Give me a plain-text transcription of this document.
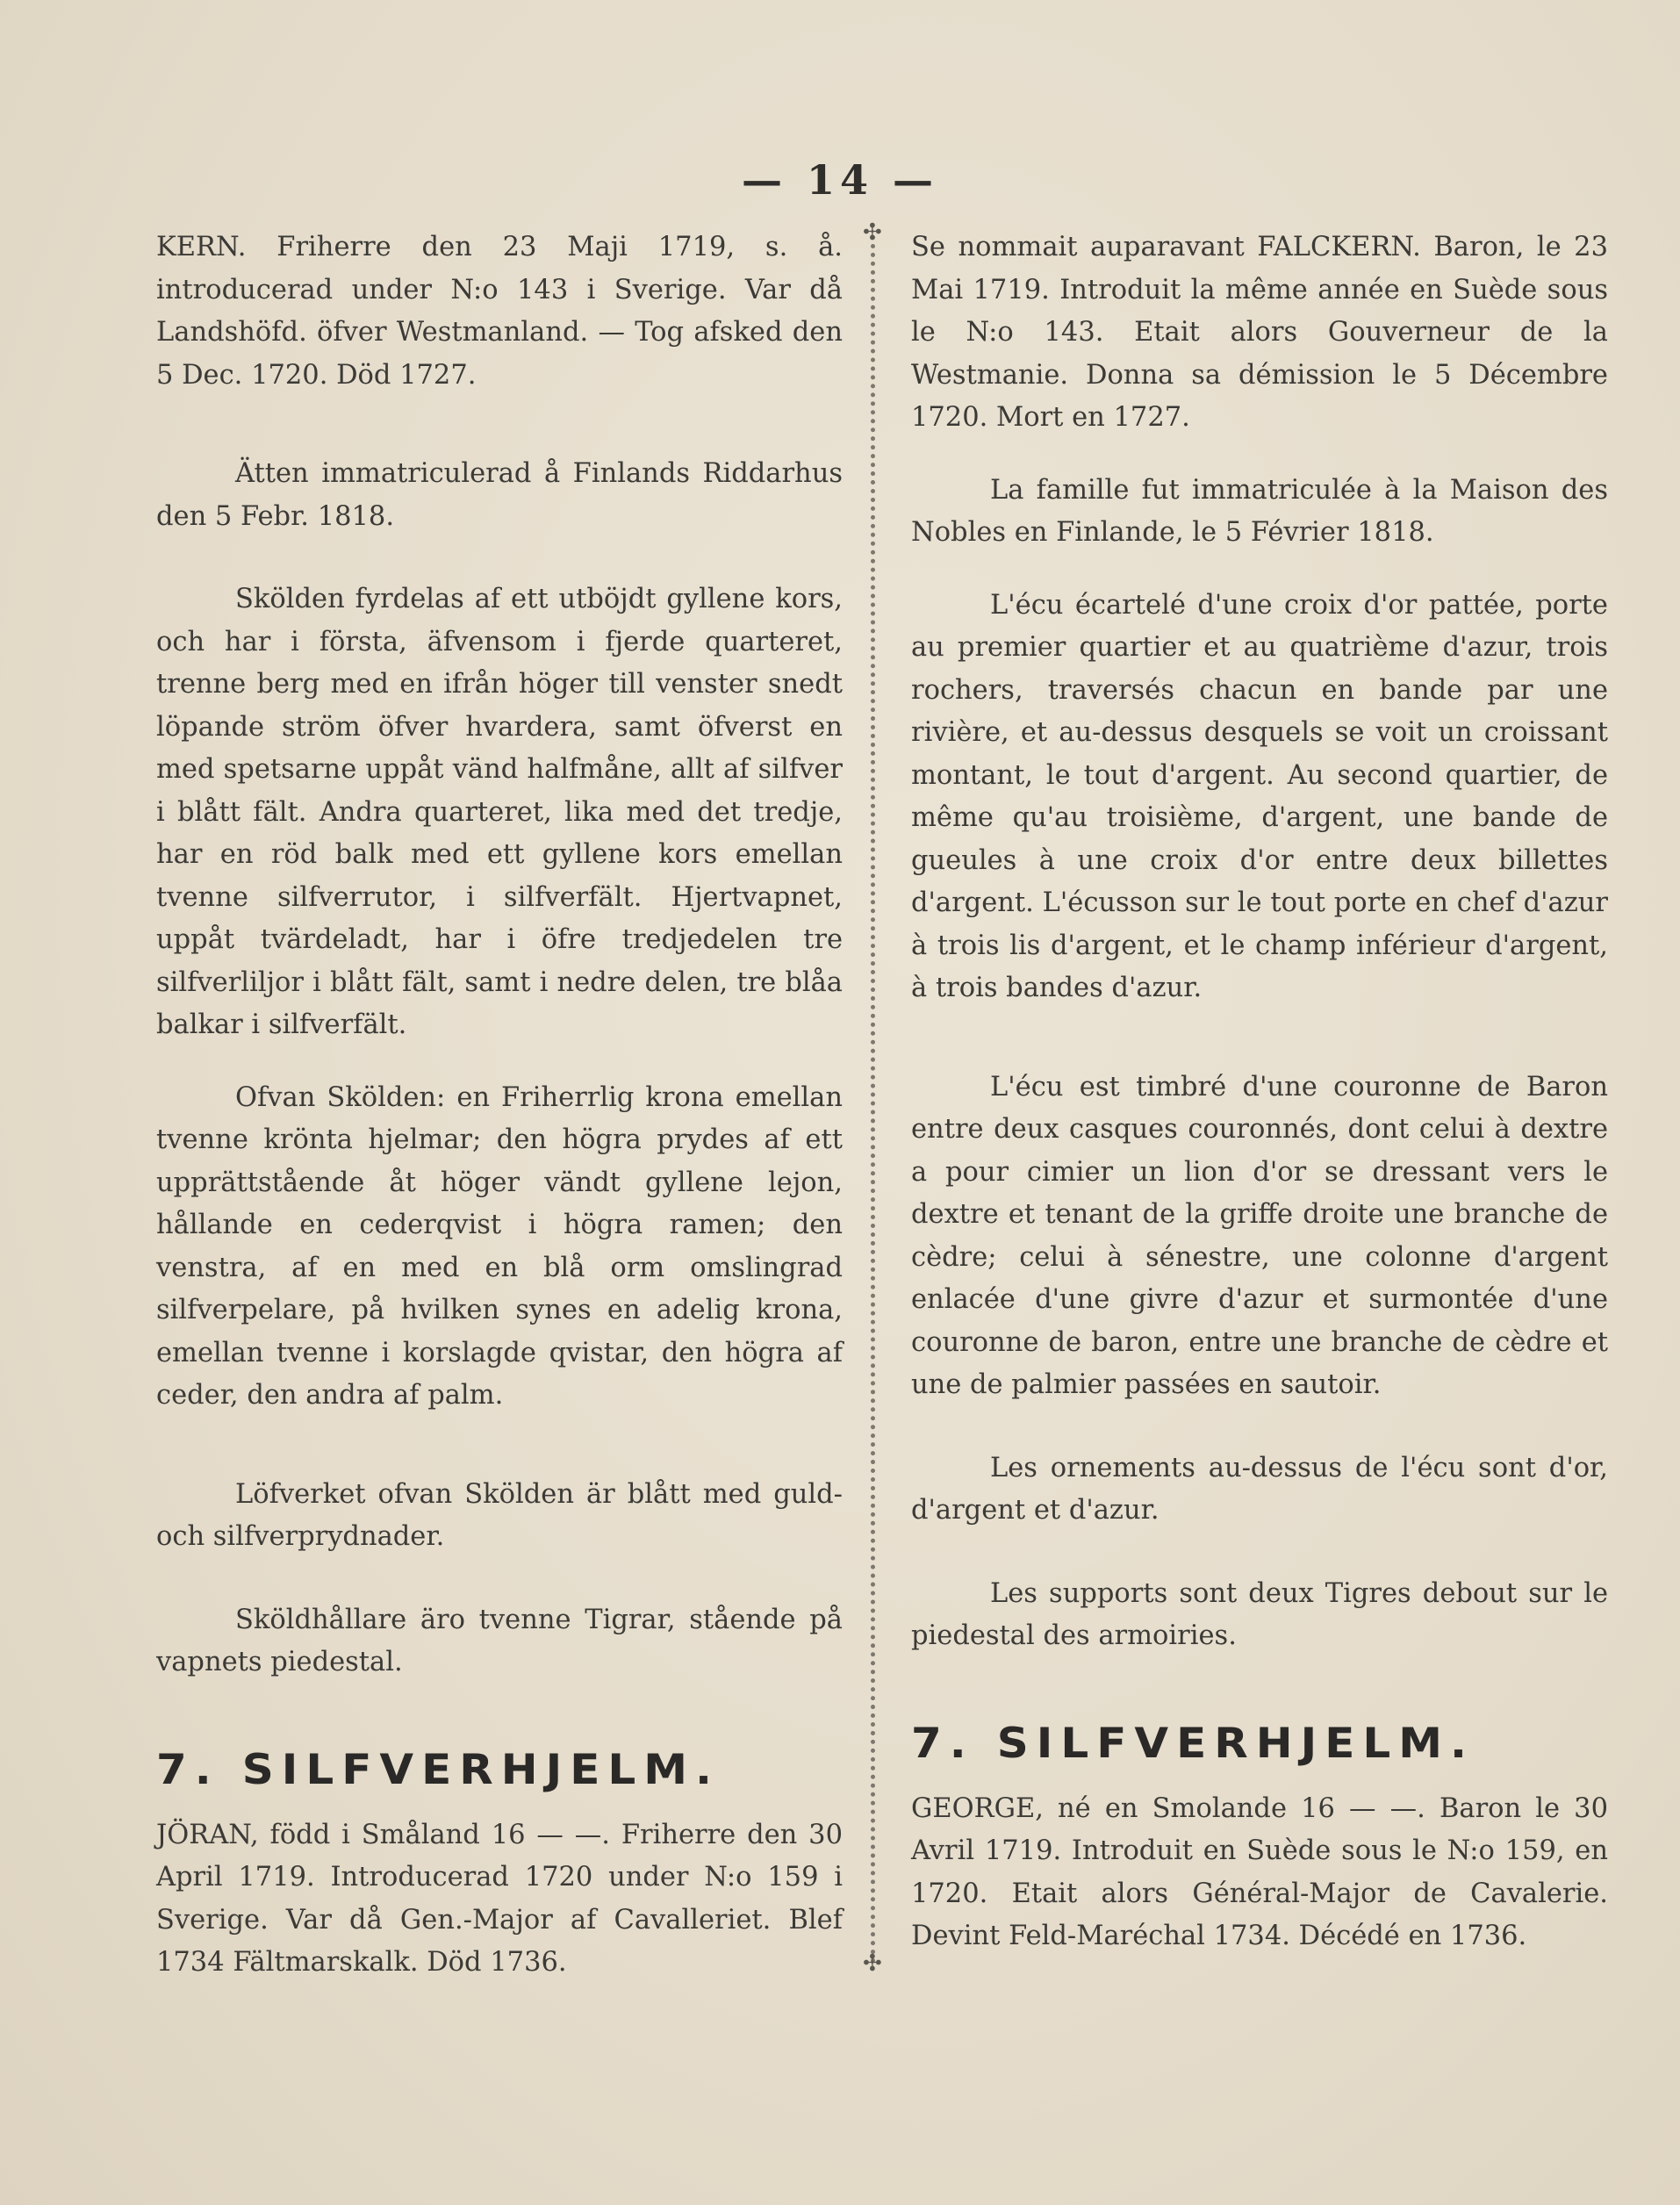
— 14 —
✣
✣

KERN. Friherre den 23 Maji 1719, s. å. introducerad under N:o 143 i Sverige. Var då Landshöfd. öfver Westmanland. — Tog afsked den 5 Dec. 1720. Död 1727.

Ätten immatriculerad å Finlands Riddarhus den 5 Febr. 1818.

Skölden fyrdelas af ett utböjdt gyllene kors, och har i första, äfvensom i fjerde quarteret, trenne berg med en ifrån höger till venster snedt löpande ström öfver hvardera, samt öfverst en med spetsarne uppåt vänd halfmåne, allt af silfver i blått fält. Andra quarteret, lika med det tredje, har en röd balk med ett gyllene kors emellan tvenne silfverrutor, i silfverfält. Hjertvapnet, uppåt tvärdeladt, har i öfre tredjedelen tre silfverliljor i blått fält, samt i nedre delen, tre blåa balkar i silfverfält.

Ofvan Skölden: en Friherrlig krona emellan tvenne krönta hjelmar; den högra prydes af ett upprättstående åt höger vändt gyllene lejon, hållande en cederqvist i högra ramen; den venstra, af en med en blå orm omslingrad silfverpelare, på hvilken synes en adelig krona, emellan tvenne i korslagde qvistar, den högra af ceder, den andra af palm.

Löfverket ofvan Skölden är blått med guld- och silfverprydnader.

Sköldhållare äro tvenne Tigrar, stående på vapnets piedestal.

7. SILFVERHJELM.

JÖRAN, född i Småland 16 — —. Friherre den 30 April 1719. Introducerad 1720 under N:o 159 i Sverige. Var då Gen.-Major af Cavalleriet. Blef 1734 Fältmarskalk. Död 1736.

Se nommait auparavant FALCKERN. Baron, le 23 Mai 1719. Introduit la même année en Suède sous le N:o 143. Etait alors Gouverneur de la Westmanie. Donna sa démission le 5 Décembre 1720. Mort en 1727.

La famille fut immatriculée à la Maison des Nobles en Finlande, le 5 Février 1818.

L'écu écartelé d'une croix d'or pattée, porte au premier quartier et au quatrième d'azur, trois rochers, traversés chacun en bande par une rivière, et au-dessus desquels se voit un croissant montant, le tout d'argent. Au second quartier, de même qu'au troisième, d'argent, une bande de gueules à une croix d'or entre deux billettes d'argent. L'écusson sur le tout porte en chef d'azur à trois lis d'argent, et le champ inférieur d'argent, à trois bandes d'azur.

L'écu est timbré d'une couronne de Baron entre deux casques couronnés, dont celui à dextre a pour cimier un lion d'or se dressant vers le dextre et tenant de la griffe droite une branche de cèdre; celui à sénestre, une colonne d'argent enlacée d'une givre d'azur et surmontée d'une couronne de baron, entre une branche de cèdre et une de palmier passées en sautoir.

Les ornements au-dessus de l'écu sont d'or, d'argent et d'azur.

Les supports sont deux Tigres debout sur le piedestal des armoiries.

7. SILFVERHJELM.

GEORGE, né en Smolande 16 — —. Baron le 30 Avril 1719. Introduit en Suède sous le N:o 159, en 1720. Etait alors Général-Major de Cavalerie. Devint Feld-Maréchal 1734. Décédé en 1736.
